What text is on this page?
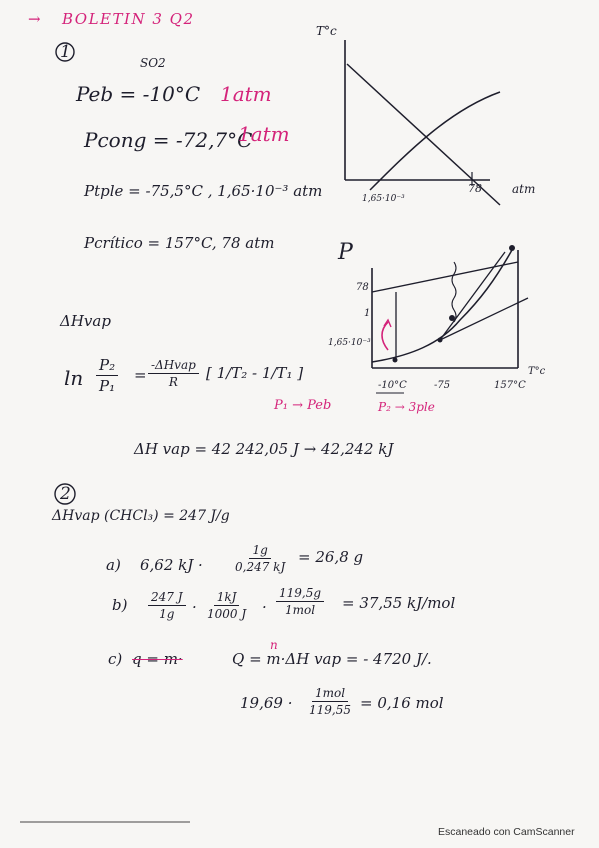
→ BOLETIN 3 Q2
1
SO2
Peb = -10°C 1atm
Pcong = -72,7°C
1atm
Ptple = -75,5°C , 1,65·10⁻³ atm
Pcrítico = 157°C, 78 atm
T°c
1,65·10⁻³
78	atm
P
78
1
1,65·10⁻³
-10°C	-75	157°C
T°c
ΔHvap
$\ln \frac{\text{P₂}}{\text{P₁}}$ =
-ΔHvap
R [ 1/T₂ - 1/T₁ ]
P₁ → Peb	P₂ → 3ple
ΔH vap = 42 242,05 J → 42,242 kJ
2
ΔHvap (CHCl₃) = 247 J/g
a) 6,62 kJ · $\frac{1g}{0,247 kJ} = 26,8$ g
$b) \frac{247 J}{1g} \cdot \frac{1kJ}{1000 J}$ ·
119,5g
1mol = 37,55 kJ/mol
c) q = m·	Q = m·ΔH vap = - 4720 J/.
n
19,69 ·
1mol
119,55 = 0,16 mol
Escaneado con CamScanner
